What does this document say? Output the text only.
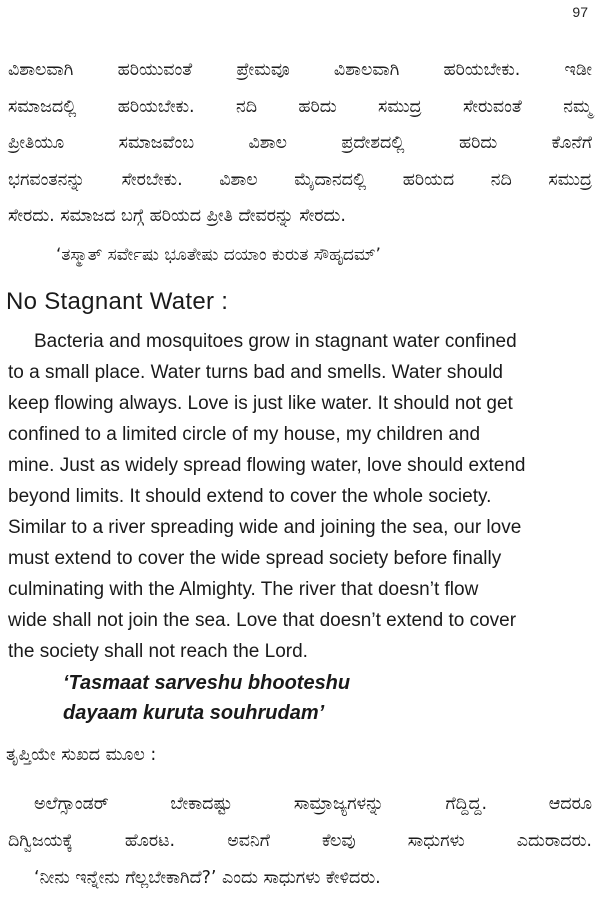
97

ವಿಶಾಲವಾಗಿ ಹರಿಯುವಂತೆ ಪ್ರೇಮವೂ ವಿಶಾಲವಾಗಿ ಹರಿಯಬೇಕು. ಇಡೀ
ಸಮಾಜದಲ್ಲಿ ಹರಿಯಬೇಕು. ನದಿ ಹರಿದು ಸಮುದ್ರ ಸೇರುವಂತೆ ನಮ್ಮ
ಪ್ರೀತಿಯೂ ಸಮಾಜವೆಂಬ ವಿಶಾಲ ಪ್ರದೇಶದಲ್ಲಿ ಹರಿದು ಕೊನೆಗೆ
ಭಗವಂತನನ್ನು ಸೇರಬೇಕು. ವಿಶಾಲ ಮೈದಾನದಲ್ಲಿ ಹರಿಯದ ನದಿ ಸಮುದ್ರ
ಸೇರದು. ಸಮಾಜದ ಬಗ್ಗೆ ಹರಿಯದ ಪ್ರೀತಿ ದೇವರನ್ನು ಸೇರದು.

‘ತಸ್ಮಾತ್ ಸರ್ವೇಷು ಭೂತೇಷು ದಯಾಂ ಕುರುತ ಸೌಹೃದಮ್’

No Stagnant Water :

Bacteria and mosquitoes grow in stagnant water confined
to a small place. Water turns bad and smells. Water should
keep flowing always. Love is just like water. It should not get
confined to a limited circle of my house, my children and
mine. Just as widely spread flowing water, love should extend
beyond limits. It should extend to cover the whole society.
Similar to a river spreading wide and joining the sea, our love
must extend to cover the wide spread society before finally
culminating with the Almighty. The river that doesn’t flow
wide shall not join the sea. Love that doesn’t extend to cover
the society shall not reach the Lord.

‘Tasmaat sarveshu bhooteshu
dayaam kuruta souhrudam’
ತೃಪ್ತಿಯೇ ಸುಖದ ಮೂಲ :

ಅಲೆಗ್ಸಾಂಡರ್ ಬೇಕಾದಷ್ಟು ಸಾಮ್ರಾಜ್ಯಗಳನ್ನು ಗೆದ್ದಿದ್ದ. ಆದರೂ
ದಿಗ್ವಿಜಯಕ್ಕೆ ಹೊರಟ. ಅವನಿಗೆ ಕೆಲವು ಸಾಧುಗಳು ಎದುರಾದರು.
‘ನೀನು ಇನ್ನೇನು ಗೆಲ್ಲಬೇಕಾಗಿದೆ?’ ಎಂದು ಸಾಧುಗಳು ಕೇಳಿದರು.
